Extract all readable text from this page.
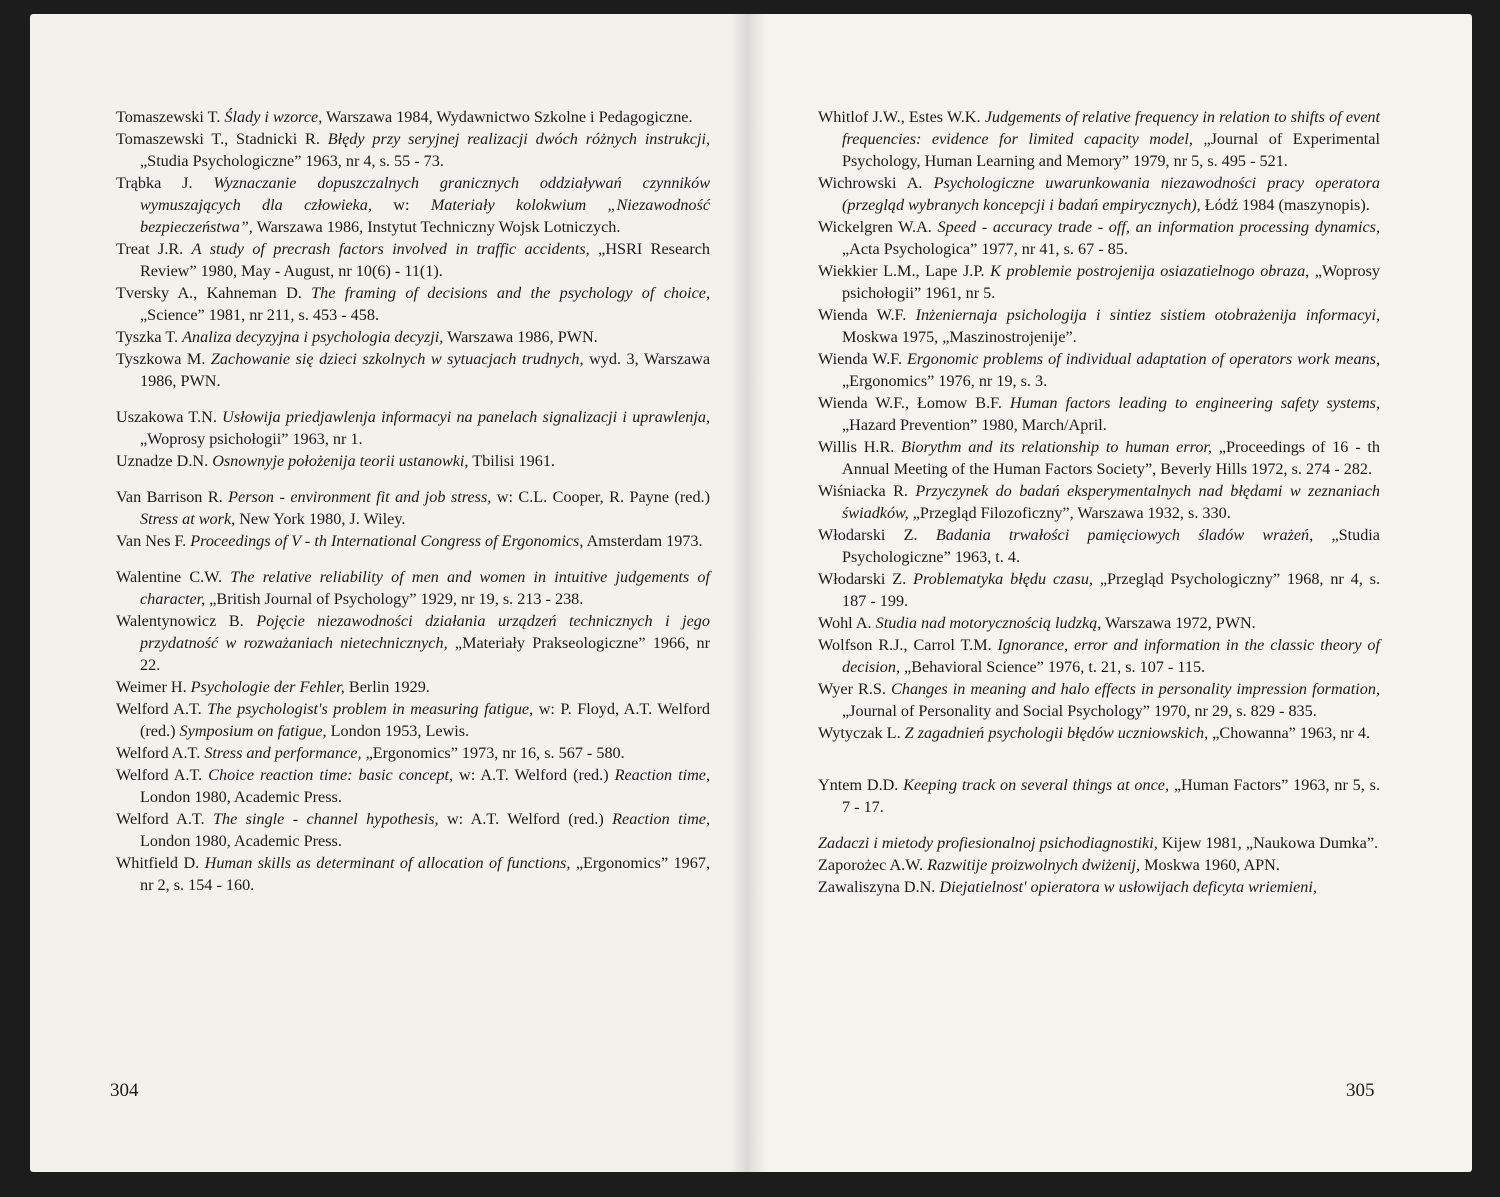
Tomaszewski T. Ślady i wzorce, Warszawa 1984, Wydawnictwo Szkolne i Pedagogiczne.
Tomaszewski T., Stadnicki R. Błędy przy seryjnej realizacji dwóch różnych instrukcji, „Studia Psychologiczne” 1963, nr 4, s. 55 - 73.
Trąbka J. Wyznaczanie dopuszczalnych granicznych oddziaływań czynników wymuszających dla człowieka, w: Materiały kolokwium „Niezawodność bezpieczeństwa”, Warszawa 1986, Instytut Techniczny Wojsk Lotniczych.
Treat J.R. A study of precrash factors involved in traffic accidents, „HSRI Research Review” 1980, May - August, nr 10(6) - 11(1).
Tversky A., Kahneman D. The framing of decisions and the psychology of choice, „Science” 1981, nr 211, s. 453 - 458.
Tyszka T. Analiza decyzyjna i psychologia decyzji, Warszawa 1986, PWN.
Tyszkowa M. Zachowanie się dzieci szkolnych w sytuacjach trudnych, wyd. 3, Warszawa 1986, PWN.
Uszakowa T.N. Usłowija priedjawlenja informacyi na panelach signalizacji i uprawlenja, „Woprosy psichołogii” 1963, nr 1.
Uznadze D.N. Osnownyje położenija teorii ustanowki, Tbilisi 1961.
Van Barrison R. Person - environment fit and job stress, w: C.L. Cooper, R. Payne (red.) Stress at work, New York 1980, J. Wiley.
Van Nes F. Proceedings of V - th International Congress of Ergonomics, Amsterdam 1973.
Walentine C.W. The relative reliability of men and women in intuitive judgements of character, „British Journal of Psychology” 1929, nr 19, s. 213 - 238.
Walentynowicz B. Pojęcie niezawodności działania urządzeń technicznych i jego przydatność w rozważaniach nietechnicznych, „Materiały Prakseologiczne” 1966, nr 22.
Weimer H. Psychologie der Fehler, Berlin 1929.
Welford A.T. The psychologist's problem in measuring fatigue, w: P. Floyd, A.T. Welford (red.) Symposium on fatigue, London 1953, Lewis.
Welford A.T. Stress and performance, „Ergonomics” 1973, nr 16, s. 567 - 580.
Welford A.T. Choice reaction time: basic concept, w: A.T. Welford (red.) Reaction time, London 1980, Academic Press.
Welford A.T. The single - channel hypothesis, w: A.T. Welford (red.) Reaction time, London 1980, Academic Press.
Whitfield D. Human skills as determinant of allocation of functions, „Ergonomics” 1967, nr 2, s. 154 - 160.
304
Whitlof J.W., Estes W.K. Judgements of relative frequency in relation to shifts of event frequencies: evidence for limited capacity model, „Journal of Experimental Psychology, Human Learning and Memory” 1979, nr 5, s. 495 - 521.
Wichrowski A. Psychologiczne uwarunkowania niezawodności pracy operatora (przegląd wybranych koncepcji i badań empirycznych), Łódź 1984 (maszynopis).
Wickelgren W.A. Speed - accuracy trade - off, an information processing dynamics, „Acta Psychologica” 1977, nr 41, s. 67 - 85.
Wiekkier L.M., Lape J.P. K problemie postrojenija osiazatielnogo obraza, „Woprosy psichołogii” 1961, nr 5.
Wienda W.F. Inżeniernaja psichologija i sintiez sistiem otobrażenija informacyi, Moskwa 1975, „Maszinostrojenije”.
Wienda W.F. Ergonomic problems of individual adaptation of operators work means, „Ergonomics” 1976, nr 19, s. 3.
Wienda W.F., Łomow B.F. Human factors leading to engineering safety systems, „Hazard Prevention” 1980, March/April.
Willis H.R. Biorythm and its relationship to human error, „Proceedings of 16 - th Annual Meeting of the Human Factors Society”, Beverly Hills 1972, s. 274 - 282.
Wiśniacka R. Przyczynek do badań eksperymentalnych nad błędami w zeznaniach świadków, „Przegląd Filozoficzny”, Warszawa 1932, s. 330.
Włodarski Z. Badania trwałości pamięciowych śladów wrażeń, „Studia Psychologiczne” 1963, t. 4.
Włodarski Z. Problematyka błędu czasu, „Przegląd Psychologiczny” 1968, nr 4, s. 187 - 199.
Wohl A. Studia nad motorycznością ludzką, Warszawa 1972, PWN.
Wolfson R.J., Carrol T.M. Ignorance, error and information in the classic theory of decision, „Behavioral Science” 1976, t. 21, s. 107 - 115.
Wyer R.S. Changes in meaning and halo effects in personality impression formation, „Journal of Personality and Social Psychology” 1970, nr 29, s. 829 - 835.
Wytyczak L. Z zagadnień psychologii błędów uczniowskich, „Chowanna” 1963, nr 4.
Yntem D.D. Keeping track on several things at once, „Human Factors” 1963, nr 5, s. 7 - 17.
Zadaczi i mietody profiesionalnoj psichodiagnostiki, Kijew 1981, „Naukowa Dumka”.
Zaporożec A.W. Razwitije proizwolnych dwiżenij, Moskwa 1960, APN.
Zawaliszyna D.N. Diejatielnost' opieratora w usłowijach deficyta wriemieni,
305
